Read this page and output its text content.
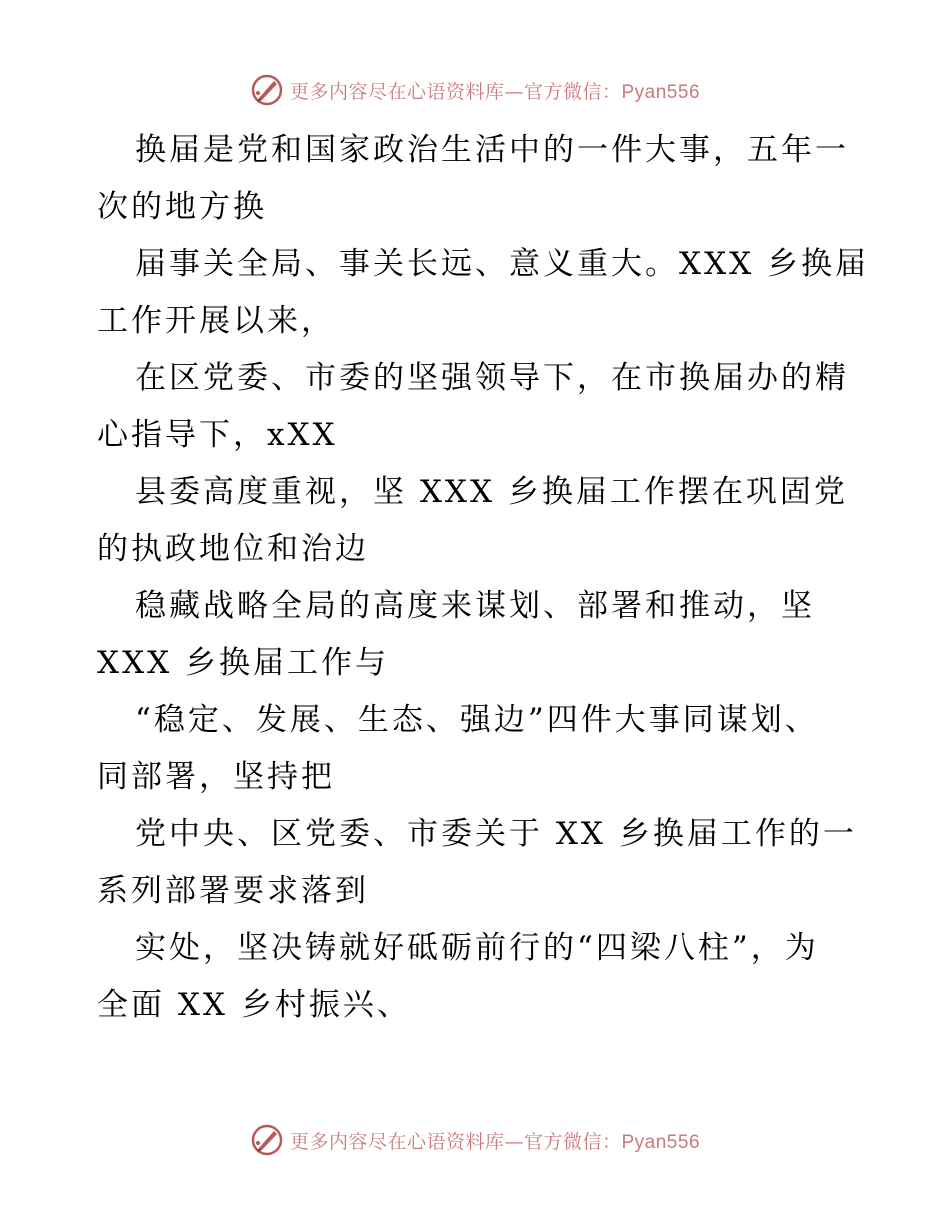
更多内容尽在心语资料库—官方微信：Pyan556
换届是党和国家政治生活中的一件大事，五年一
次的地方换
届事关全局、事关长远、意义重大。XXX 乡换届
工作开展以来，
在区党委、市委的坚强领导下，在市换届办的精
心指导下，xXX
县委高度重视，坚 XXX 乡换届工作摆在巩固党
的执政地位和治边
稳藏战略全局的高度来谋划、部署和推动，坚
XXX 乡换届工作与
“稳定、发展、生态、强边”四件大事同谋划、
同部署，坚持把
党中央、区党委、市委关于 XX 乡换届工作的一
系列部署要求落到
实处，坚决铸就好砥砺前行的“四梁八柱”，为
全面 XX 乡村振兴、
更多内容尽在心语资料库—官方微信：Pyan556
